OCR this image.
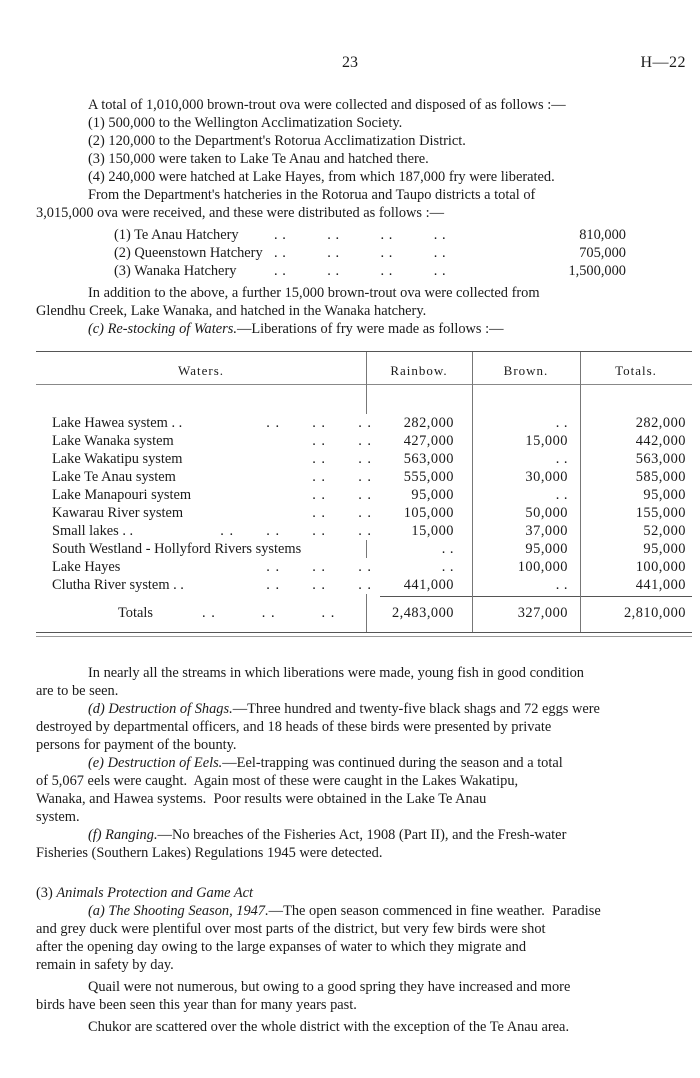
23	H—22

A total of 1,010,000 brown-trout ova were collected and disposed of as follows :—

(1) 500,000 to the Wellington Acclimatization Society.
(2) 120,000 to the Department's Rotorua Acclimatization District.
(3) 150,000 were taken to Lake Te Anau and hatched there.
(4) 240,000 were hatched at Lake Hayes, from which 187,000 fry were liberated.

From the Department's hatcheries in the Rotorua and Taupo districts a total of

3,015,000 ova were received, and these were distributed as follows :—

(1) Te Anau Hatchery . .          . .          . .          . .	810,000
(2) Queenstown Hatchery . .          . .          . .          . .	705,000
(3) Wanaka Hatchery	. .          . .          . .          . .	1,500,000

In addition to the above, a further 15,000 brown-trout ova were collected from

Glendhu Creek, Lake Wanaka, and hatched in the Wanaka hatchery.

(c) Re-stocking of Waters.—Liberations of fry were made as follows :—

Waters.	Rainbow.	Brown.	Totals.
Lake Hawea system . .	. .       . .       . .	282,000	. .	282,000
Lake Wanaka system	. .       . .	427,000	15,000	442,000
Lake Wakatipu system	. .       . .	563,000	. .	563,000
Lake Te Anau system	. .       . .	555,000	30,000	585,000
Lake Manapouri system	. .       . .	95,000	. .	95,000
Kawarau River system	. .       . .	105,000	50,000	155,000
Small lakes . .	. .       . .       . .       . .	15,000	37,000	52,000
South Westland - Hollyford Rivers systems	. .	95,000	95,000
Lake Hayes	. .       . .       . .	. .	100,000	100,000
Clutha River system . .	. .       . .       . .	441,000	. .	441,000
Totals	. .          . .          . .	2,483,000	327,000	2,810,000

In nearly all the streams in which liberations were made, young fish in good condition

are to be seen.

(d) Destruction of Shags.—Three hundred and twenty-five black shags and 72 eggs were

destroyed by departmental officers, and 18 heads of these birds were presented by private

persons for payment of the bounty.

(e) Destruction of Eels.—Eel-trapping was continued during the season and a total

of 5,067 eels were caught.  Again most of these were caught in the Lakes Wakatipu,

Wanaka, and Hawea systems.  Poor results were obtained in the Lake Te Anau

system.

(f) Ranging.—No breaches of the Fisheries Act, 1908 (Part II), and the Fresh-water

Fisheries (Southern Lakes) Regulations 1945 were detected.

(3) Animals Protection and Game Act

(a) The Shooting Season, 1947.—The open season commenced in fine weather.  Paradise

and grey duck were plentiful over most parts of the district, but very few birds were shot

after the opening day owing to the large expanses of water to which they migrate and

remain in safety by day.

Quail were not numerous, but owing to a good spring they have increased and more

birds have been seen this year than for many years past.

Chukor are scattered over the whole district with the exception of the Te Anau area.
